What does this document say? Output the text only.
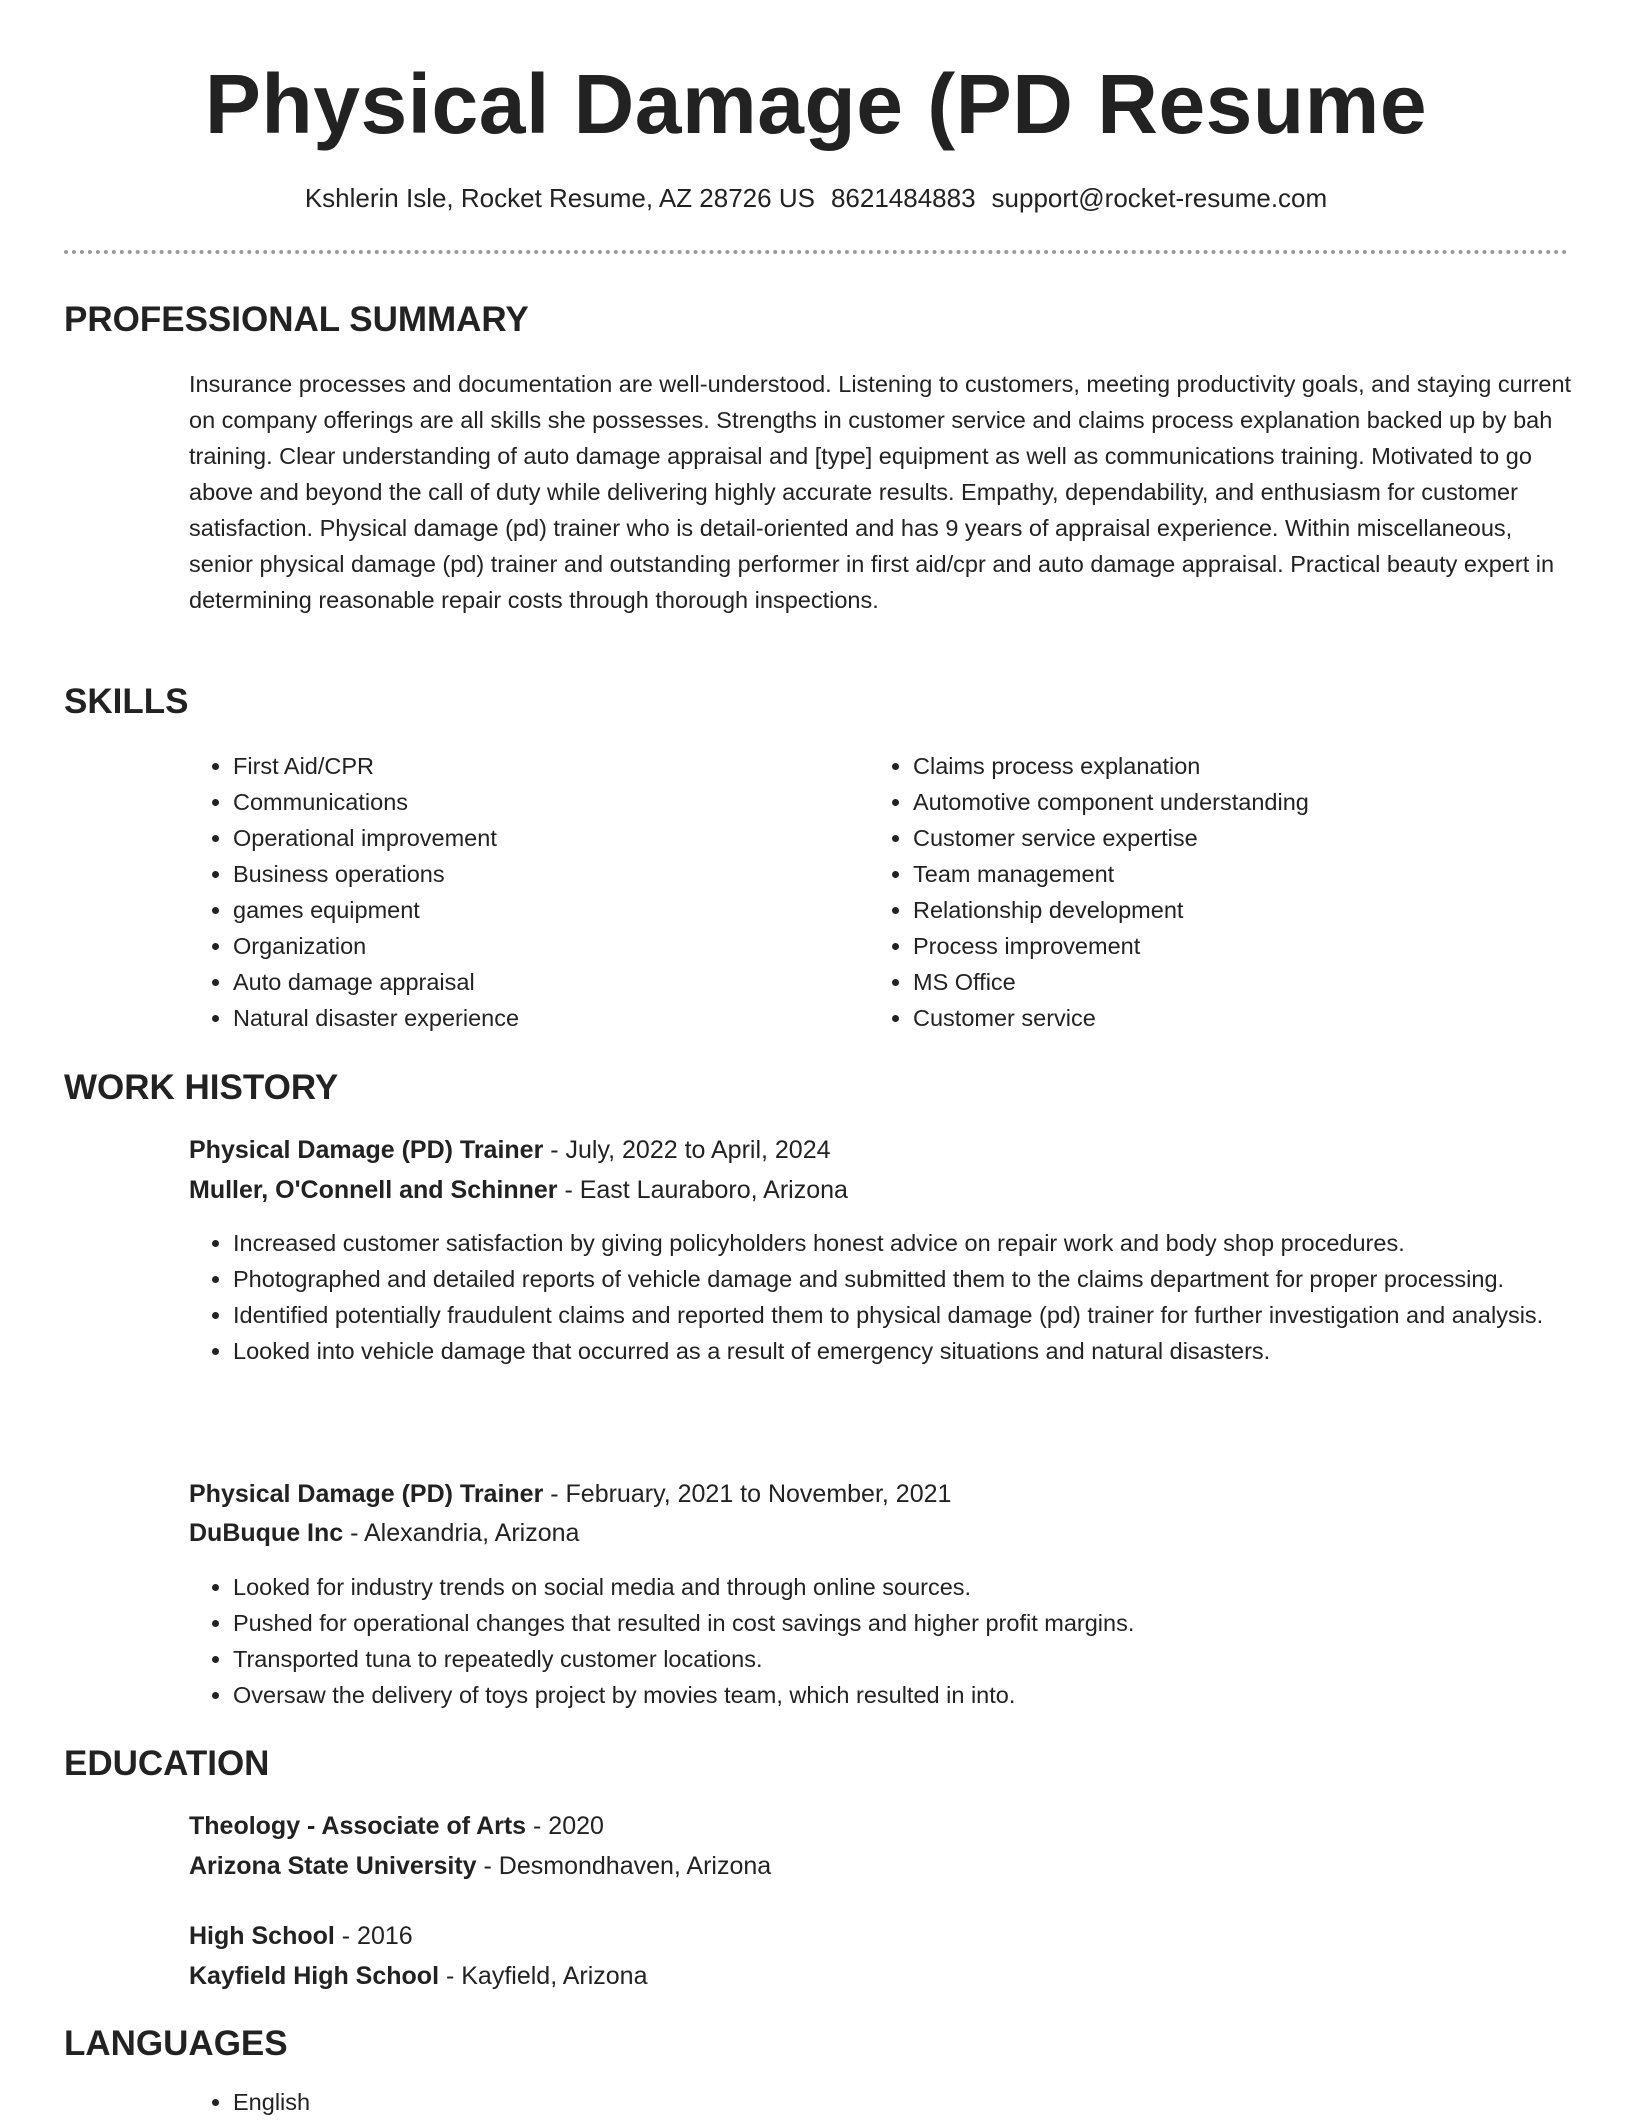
Physical Damage (PD Resume
Kshlerin Isle, Rocket Resume, AZ 28726 US 8621484883 support@rocket-resume.com
PROFESSIONAL SUMMARY

Insurance processes and documentation are well-understood. Listening to customers, meeting productivity goals, and staying current on company offerings are all skills she possesses. Strengths in customer service and claims process explanation backed up by bah training. Clear understanding of auto damage appraisal and [type] equipment as well as communications training. Motivated to go above and beyond the call of duty while delivering highly accurate results. Empathy, dependability, and enthusiasm for customer satisfaction. Physical damage (pd) trainer who is detail-oriented and has 9 years of appraisal experience. Within miscellaneous, senior physical damage (pd) trainer and outstanding performer in first aid/cpr and auto damage appraisal. Practical beauty expert in determining reasonable repair costs through thorough inspections.

SKILLS
• First Aid/CPR
• Communications
• Operational improvement
• Business operations
• games equipment
• Organization
• Auto damage appraisal
• Natural disaster experience
• Claims process explanation
• Automotive component understanding
• Customer service expertise
• Team management
• Relationship development
• Process improvement
• MS Office
• Customer service
WORK HISTORY
Physical Damage (PD) Trainer - July, 2022 to April, 2024
Muller, O'Connell and Schinner - East Lauraboro, Arizona
• Increased customer satisfaction by giving policyholders honest advice on repair work and body shop procedures.
• Photographed and detailed reports of vehicle damage and submitted them to the claims department for proper processing.
• Identified potentially fraudulent claims and reported them to physical damage (pd) trainer for further investigation and analysis.
• Looked into vehicle damage that occurred as a result of emergency situations and natural disasters.
Physical Damage (PD) Trainer - February, 2021 to November, 2021
DuBuque Inc - Alexandria, Arizona
• Looked for industry trends on social media and through online sources.
• Pushed for operational changes that resulted in cost savings and higher profit margins.
• Transported tuna to repeatedly customer locations.
• Oversaw the delivery of toys project by movies team, which resulted in into.
EDUCATION
Theology - Associate of Arts - 2020
Arizona State University - Desmondhaven, Arizona
High School - 2016
Kayfield High School - Kayfield, Arizona
LANGUAGES
• English
